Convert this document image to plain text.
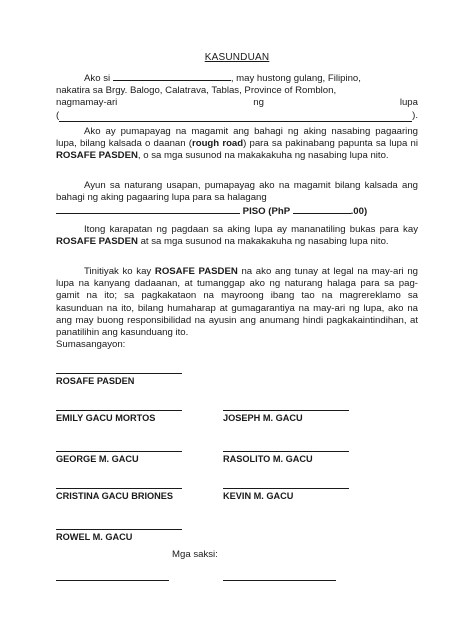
KASUNDUAN
Ako si	, may hustong gulang, Filipino,
nakatira sa Brgy. Balogo, Calatrava, Tablas, Province of Romblon,
nagmamay-ari	ng	lupa
(	).
Ako ay pumapayag na magamit ang bahagi ng aking nasabing pagaaring lupa, bilang kalsada o daanan (rough road) para sa pakinabang papunta sa lupa ni ROSAFE PASDEN, o sa mga susunod na makakakuha ng nasabing lupa nito.
Ayun sa naturang usapan, pumapayag ako na magamit bilang kalsada ang bahagi ng aking pagaaring lupa para sa halagang
PISO (PhP	.00)
Itong karapatan ng pagdaan sa aking lupa ay mananatiling bukas para kay ROSAFE PASDEN at sa mga susunod na makakakuha ng nasabing lupa nito.
Tinitiyak ko kay ROSAFE PASDEN na ako ang tunay at legal na may-ari ng lupa na kanyang dadaanan, at tumanggap ako ng naturang halaga para sa pag-gamit na ito; sa pagkakataon na mayroong ibang tao na magrereklamo sa kasunduan na ito, bilang humaharap at gumagarantiya na may-ari ng lupa, ako na ang may buong responsibilidad na ayusin ang anumang hindi pagkakaintindihan, at panatilihin ang kasunduang ito.
Sumasangayon:
ROSAFE PASDEN
EMILY GACU MORTOS	JOSEPH M. GACU
GEORGE M. GACU	RASOLITO M. GACU
CRISTINA GACU BRIONES	KEVIN M. GACU
ROWEL M. GACU
Mga saksi:
